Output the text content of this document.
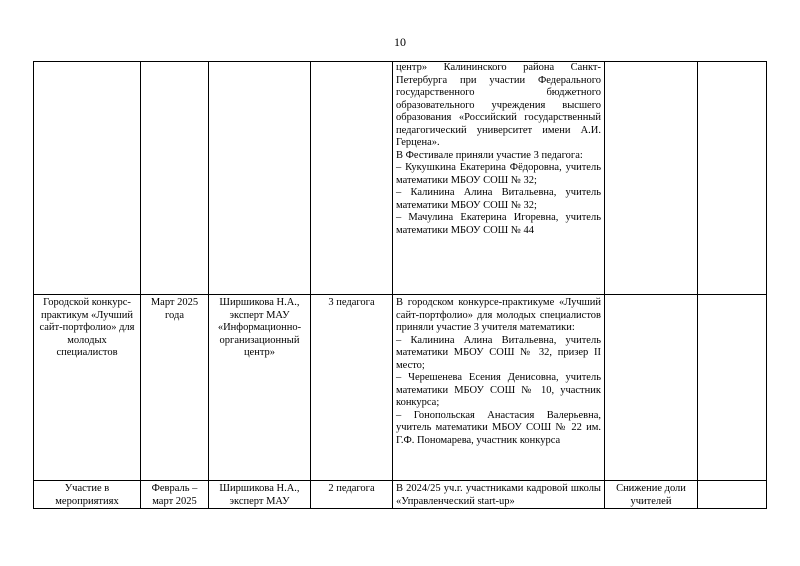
10

				центр» Калининского района Санкт-Петербурга при участии Федерального государственного бюджетного образовательного учреждения высшего образования «Российский государственный педагогический университет имени А.И. Герцена».

В Фестивале приняли участие 3 педагога:

– Кукушкина Екатерина Фёдоровна, учитель математики МБОУ СОШ № 32;

– Калинина Алина Витальевна, учитель математики МБОУ СОШ № 32;

– Мачулина Екатерина Игоревна, учитель математики МБОУ СОШ № 44		

Городской конкурс-практикум «Лучший сайт-портфолио» для молодых специалистов	Март 2025 года	Ширшикова Н.А., эксперт МАУ «Информационно-организационный центр»	3 педагога	В городском конкурсе-практикуме «Лучший сайт-портфолио» для молодых специалистов приняли участие 3 учителя математики:

– Калинина Алина Витальевна, учитель математики МБОУ СОШ № 32, призер II место;

– Черешенева Есения Денисовна, учитель математики МБОУ СОШ № 10, участник конкурса;

– Гонопольская Анастасия Валерьевна, учитель математики МБОУ СОШ № 22 им. Г.Ф. Пономарева, участник конкурса		

Участие в мероприятиях	Февраль – март 2025	Ширшикова Н.А., эксперт МАУ	2 педагога	В 2024/25 уч.г. участниками кадровой школы «Управленческий start-up»	Снижение доли учителей	
